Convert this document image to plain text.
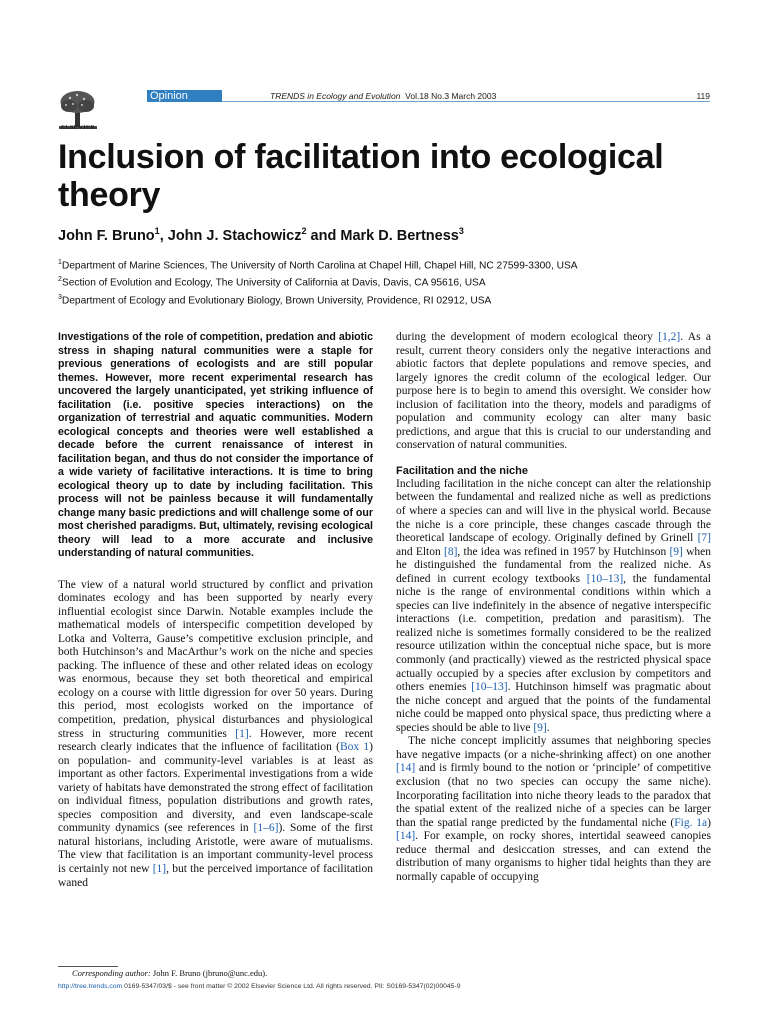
ELSEVIER
Opinion	TRENDS in Ecology and Evolution Vol.18 No.3 March 2003	119
Inclusion of facilitation into ecological theory
John F. Bruno$^1$, John J. Stachowicz$^2$ and Mark D. Bertness$^3$
$^1$Department of Marine Sciences, The University of North Carolina at Chapel Hill, Chapel Hill, NC 27599-3300, USA
$^2$Section of Evolution and Ecology, The University of California at Davis, Davis, CA 95616, USA
$^3$Department of Ecology and Evolutionary Biology, Brown University, Providence, RI 02912, USA

Investigations of the role of competition, predation and abiotic stress in shaping natural communities were a staple for previous generations of ecologists and are still popular themes. However, more recent experimental research has uncovered the largely unanticipated, yet striking influence of facilitation (i.e. positive species interactions) on the organization of terrestrial and aquatic communities. Modern ecological concepts and theories were well established a decade before the current renaissance of interest in facilitation began, and thus do not consider the importance of a wide variety of facilitative interactions. It is time to bring ecological theory up to date by including facilitation. This process will not be painless because it will fundamentally change many basic predictions and will challenge some of our most cherished paradigms. But, ultimately, revising ecological theory will lead to a more accurate and inclusive understanding of natural communities.

The view of a natural world structured by conflict and privation dominates ecology and has been supported by nearly every influential ecologist since Darwin. Notable examples include the mathematical models of interspecific competition developed by Lotka and Volterra, Gause’s competitive exclusion principle, and both Hutchinson’s and MacArthur’s work on the niche and species packing. The influence of these and other related ideas on ecology was enormous, because they set both theoretical and empirical ecology on a course with little digression for over 50 years. During this period, most ecologists worked on the importance of competition, predation, physical disturbances and physiological stress in structuring communities [1]. However, more recent research clearly indicates that the influence of facilitation (Box 1) on population- and community-level variables is at least as important as other factors. Experimental investigations from a wide variety of habitats have demonstrated the strong effect of facilitation on individual fitness, population distributions and growth rates, species composition and diversity, and even landscape-scale community dynamics (see references in [1–6]). Some of the first natural historians, including Aristotle, were aware of mutualisms. The view that facilitation is an important community-level process is certainly not new [1], but the perceived importance of facilitation waned

during the development of modern ecological theory [1,2]. As a result, current theory considers only the negative interactions and abiotic factors that deplete populations and remove species, and largely ignores the credit column of the ecological ledger. Our purpose here is to begin to amend this oversight. We consider how inclusion of facilitation into the theory, models and paradigms of population and community ecology can alter many basic predictions, and argue that this is crucial to our understanding and conservation of natural communities.

Facilitation and the niche

Including facilitation in the niche concept can alter the relationship between the fundamental and realized niche as well as predictions of where a species can and will live in the physical world. Because the niche is a core principle, these changes cascade through the theoretical landscape of ecology. Originally defined by Grinell [7] and Elton [8], the idea was refined in 1957 by Hutchinson [9] when he distinguished the fundamental from the realized niche. As defined in current ecology textbooks [10–13], the fundamental niche is the range of environmental conditions within which a species can live indefinitely in the absence of negative interspecific interactions (i.e. competition, predation and parasitism). The realized niche is sometimes formally considered to be the realized resource utilization within the conceptual niche space, but is more commonly (and practically) viewed as the restricted physical space actually occupied by a species after exclusion by competitors and others enemies [10–13]. Hutchinson himself was pragmatic about the niche concept and argued that the points of the fundamental niche could be mapped onto physical space, thus predicting where a species should be able to live [9].

The niche concept implicitly assumes that neighboring species have negative impacts (or a niche-shrinking affect) on one another [14] and is firmly bound to the notion or ‘principle’ of competitive exclusion (that no two species can occupy the same niche). Incorporating facilitation into niche theory leads to the paradox that the spatial extent of the realized niche of a species can be larger than the spatial range predicted by the fundamental niche (Fig. 1a) [14]. For example, on rocky shores, intertidal seaweed canopies reduce thermal and desiccation stresses, and can extend the distribution of many organisms to higher tidal heights than they are normally capable of occupying

Corresponding author: John F. Bruno (jbruno@unc.edu).
http://tree.trends.com 0169-5347/03/$ - see front matter © 2002 Elsevier Science Ltd. All rights reserved. PII: S0169-5347(02)00045-9
